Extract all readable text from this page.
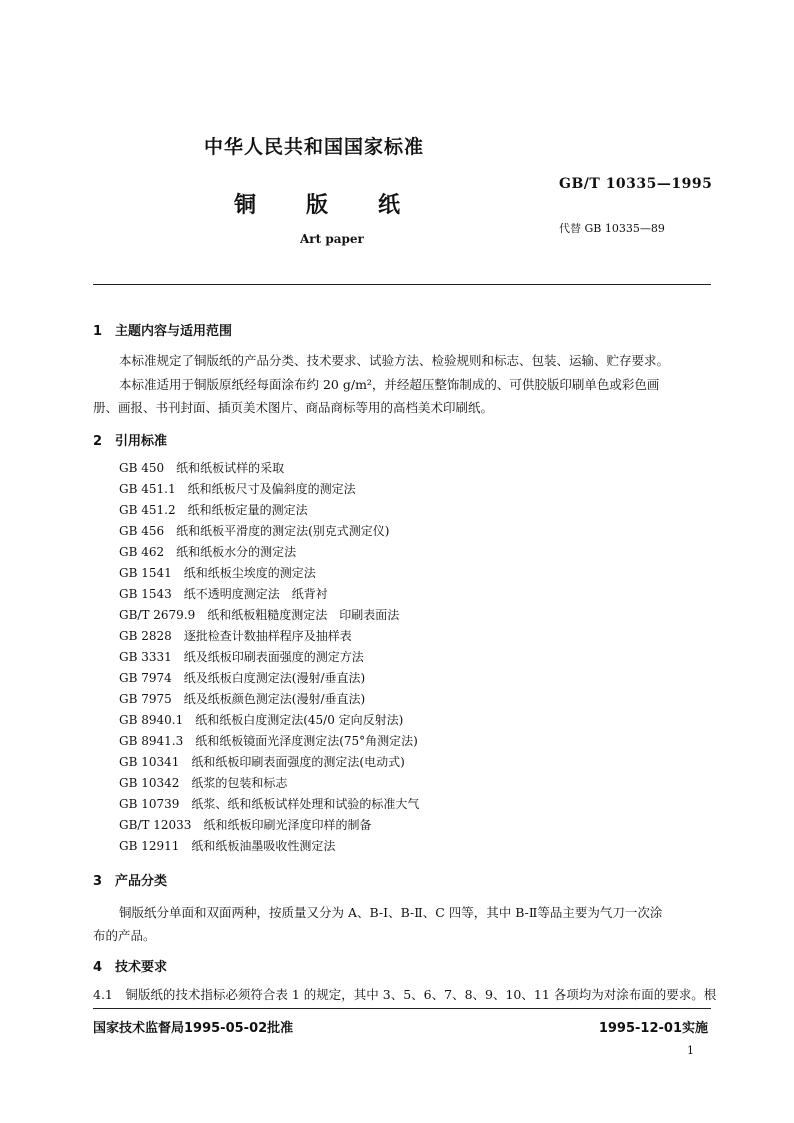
中华人民共和国国家标准
铜 版 纸
Art paper
GB/T 10335—1995
代替 GB 10335—89
1　主题内容与适用范围
本标准规定了铜版纸的产品分类、技术要求、试验方法、检验规则和标志、包装、运输、贮存要求。
本标准适用于铜版原纸经每面涂布约 20 g/m²，并经超压整饰制成的、可供胶版印刷单色或彩色画
册、画报、书刊封面、插页美术图片、商品商标等用的高档美术印刷纸。
2　引用标准
GB 450　纸和纸板试样的采取
GB 451.1　纸和纸板尺寸及偏斜度的测定法
GB 451.2　纸和纸板定量的测定法
GB 456　纸和纸板平滑度的测定法(别克式测定仪)
GB 462　纸和纸板水分的测定法
GB 1541　纸和纸板尘埃度的测定法
GB 1543　纸不透明度测定法　纸背衬
GB/T 2679.9　纸和纸板粗糙度测定法　印刷表面法
GB 2828　逐批检查计数抽样程序及抽样表
GB 3331　纸及纸板印刷表面强度的测定方法
GB 7974　纸及纸板白度测定法(漫射/垂直法)
GB 7975　纸及纸板颜色测定法(漫射/垂直法)
GB 8940.1　纸和纸板白度测定法(45/0 定向反射法)
GB 8941.3　纸和纸板镜面光泽度测定法(75°角测定法)
GB 10341　纸和纸板印刷表面强度的测定法(电动式)
GB 10342　纸浆的包装和标志
GB 10739　纸浆、纸和纸板试样处理和试验的标准大气
GB/T 12033　纸和纸板印刷光泽度印样的制备
GB 12911　纸和纸板油墨吸收性测定法
3　产品分类
铜版纸分单面和双面两种，按质量又分为 A、B-Ⅰ、B-Ⅱ、C 四等，其中 B-Ⅱ等品主要为气刀一次涂
布的产品。
4　技术要求
4.1　铜版纸的技术指标必须符合表 1 的规定，其中 3、5、6、7、8、9、10、11 各项均为对涂布面的要求。根
国家技术监督局1995-05-02批准	1995-12-01实施
1
